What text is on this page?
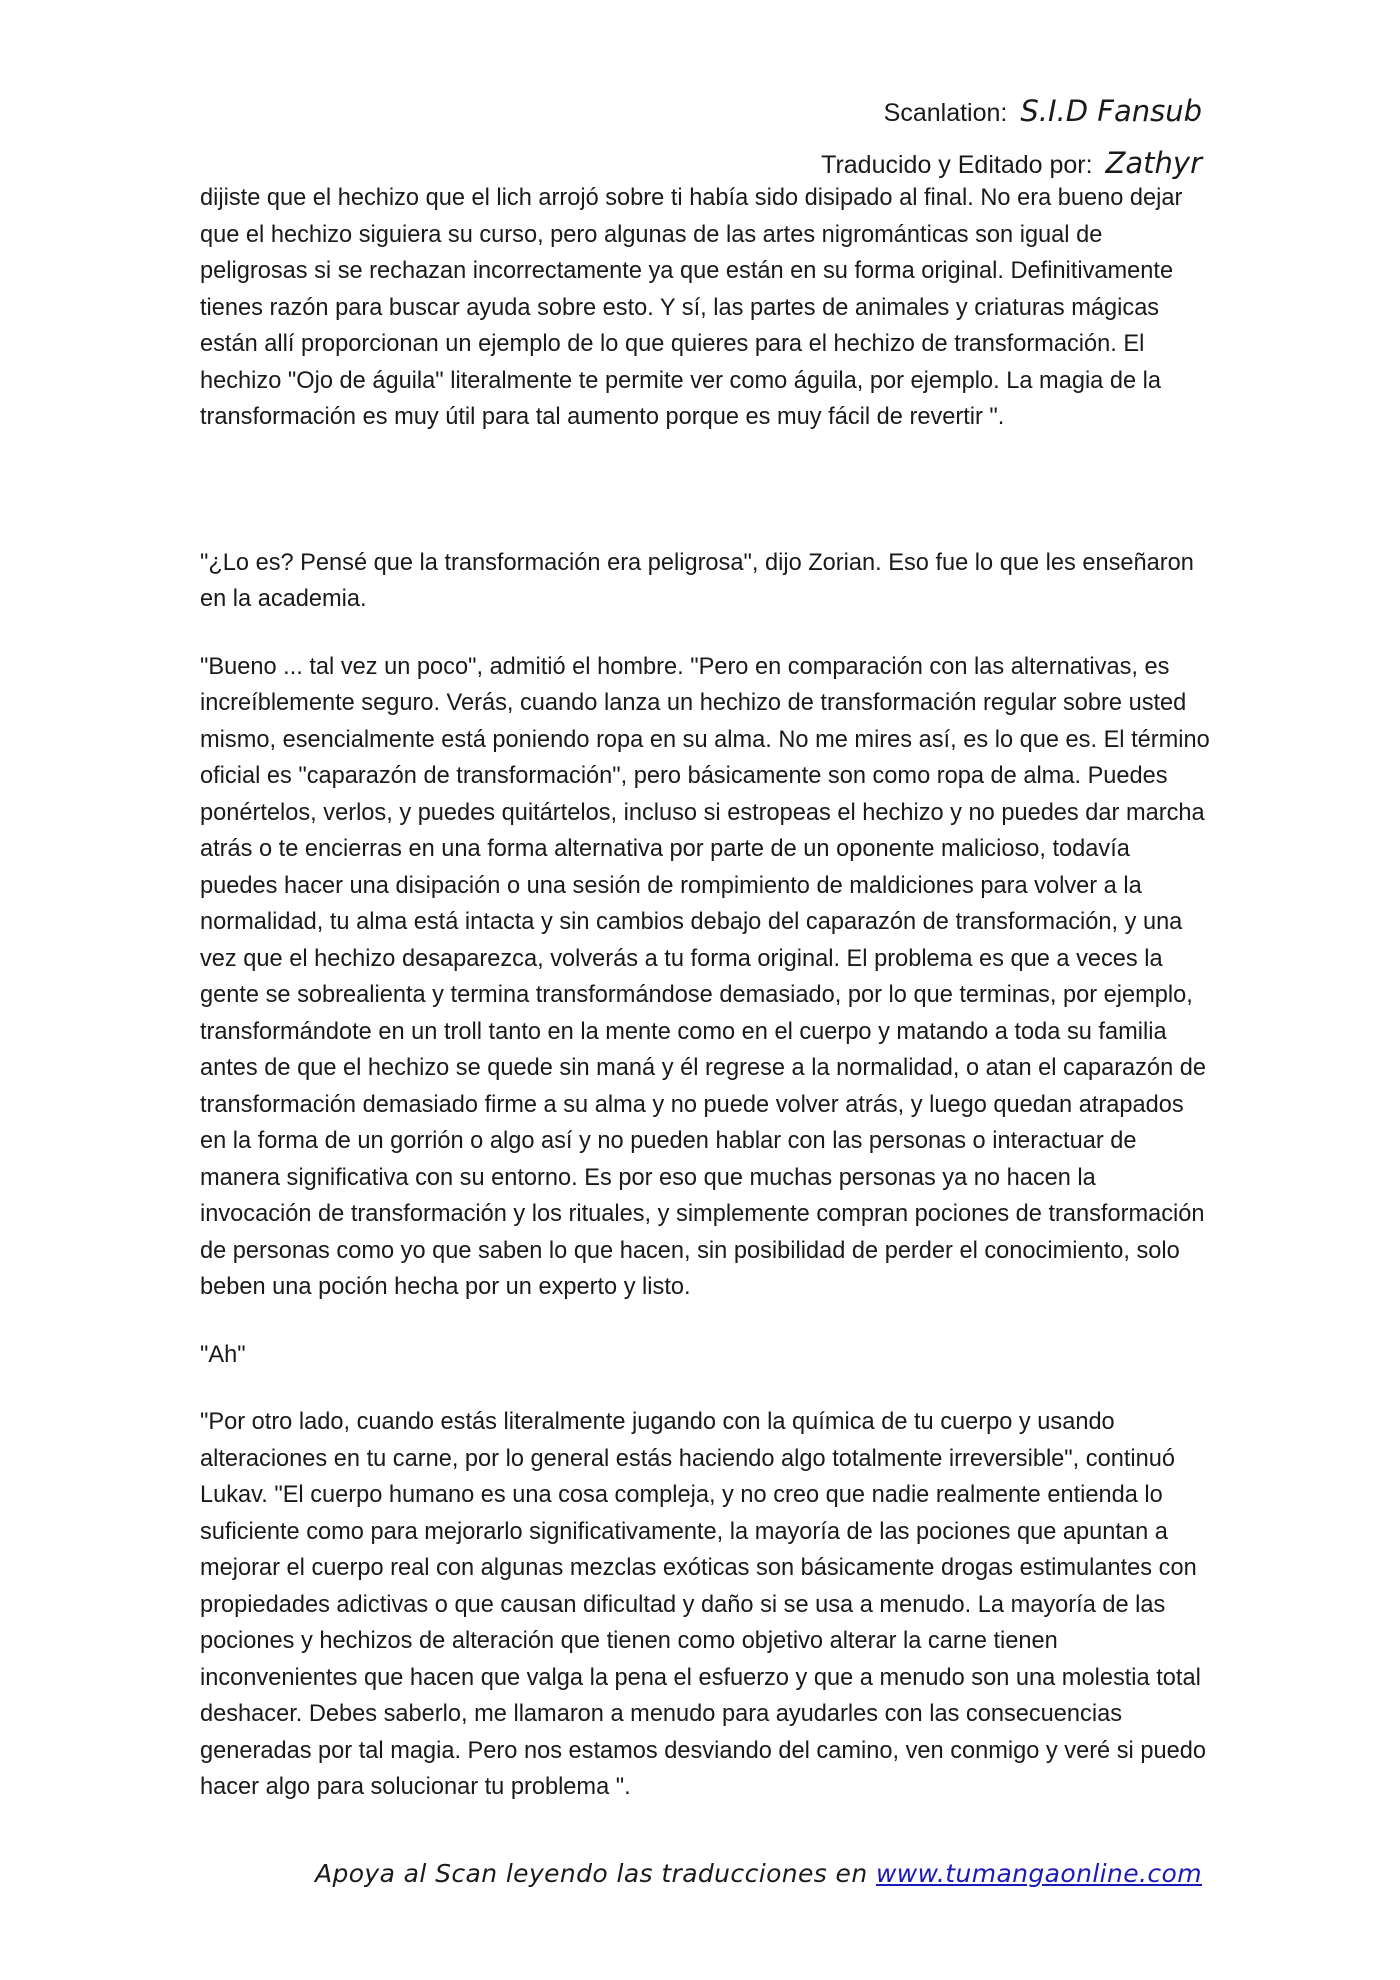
Scanlation: S.I.D Fansub
Traducido y Editado por: Zathyr

dijiste que el hechizo que el lich arrojó sobre ti había sido disipado al final. No era bueno dejar que el hechizo siguiera su curso, pero algunas de las artes nigrománticas son igual de peligrosas si se rechazan incorrectamente ya que están en su forma original. Definitivamente tienes razón para buscar ayuda sobre esto. Y sí, las partes de animales y criaturas mágicas están allí proporcionan un ejemplo de lo que quieres para el hechizo de transformación. El hechizo "Ojo de águila" literalmente te permite ver como águila, por ejemplo. La magia de la transformación es muy útil para tal aumento porque es muy fácil de revertir ".

"¿Lo es? Pensé que la transformación era peligrosa", dijo Zorian. Eso fue lo que les enseñaron en la academia.

"Bueno ... tal vez un poco", admitió el hombre. "Pero en comparación con las alternativas, es increíblemente seguro. Verás, cuando lanza un hechizo de transformación regular sobre usted mismo, esencialmente está poniendo ropa en su alma. No me mires así, es lo que es. El término oficial es "caparazón de transformación", pero básicamente son como ropa de alma. Puedes ponértelos, verlos, y puedes quitártelos, incluso si estropeas el hechizo y no puedes dar marcha atrás o te encierras en una forma alternativa por parte de un oponente malicioso, todavía puedes hacer una disipación o una sesión de rompimiento de maldiciones para volver a la normalidad, tu alma está intacta y sin cambios debajo del caparazón de transformación, y una vez que el hechizo desaparezca, volverás a tu forma original. El problema es que a veces la gente se sobrealienta y termina transformándose demasiado, por lo que terminas, por ejemplo, transformándote en un troll tanto en la mente como en el cuerpo y matando a toda su familia antes de que el hechizo se quede sin maná y él regrese a la normalidad, o atan el caparazón de transformación demasiado firme a su alma y no puede volver atrás, y luego quedan atrapados en la forma de un gorrión o algo así y no pueden hablar con las personas o interactuar de manera significativa con su entorno. Es por eso que muchas personas ya no hacen la invocación de transformación y los rituales, y simplemente compran pociones de transformación de personas como yo que saben lo que hacen, sin posibilidad de perder el conocimiento, solo beben una poción hecha por un experto y listo.

"Ah"

"Por otro lado, cuando estás literalmente jugando con la química de tu cuerpo y usando alteraciones en tu carne, por lo general estás haciendo algo totalmente irreversible", continuó Lukav. "El cuerpo humano es una cosa compleja, y no creo que nadie realmente entienda lo suficiente como para mejorarlo significativamente, la mayoría de las pociones que apuntan a mejorar el cuerpo real con algunas mezclas exóticas son básicamente drogas estimulantes con propiedades adictivas o que causan dificultad y daño si se usa a menudo. La mayoría de las pociones y hechizos de alteración que tienen como objetivo alterar la carne tienen inconvenientes que hacen que valga la pena el esfuerzo y que a menudo son una molestia total deshacer. Debes saberlo, me llamaron a menudo para ayudarles con las consecuencias generadas por tal magia. Pero nos estamos desviando del camino, ven conmigo y veré si puedo hacer algo para solucionar tu problema ".

Apoya al Scan leyendo las traducciones en www.tumangaonline.com
